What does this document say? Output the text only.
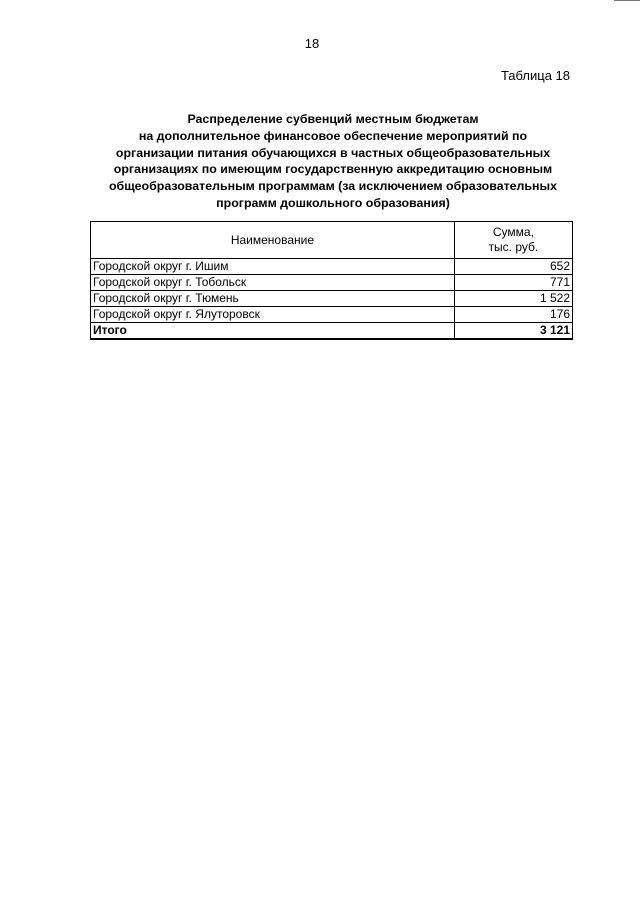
18
Таблица 18
Распределение субвенций местным бюджетам
на дополнительное финансовое обеспечение мероприятий по
организации питания обучающихся в частных общеобразовательных
организациях по имеющим государственную аккредитацию основным
общеобразовательным программам (за исключением образовательных
программ дошкольного образования)
Наименование	Сумма,
тыс. руб.
Городской округ г. Ишим	652
Городской округ г. Тобольск	771
Городской округ г. Тюмень	1 522
Городской округ г. Ялуторовск	176
Итого	3 121
